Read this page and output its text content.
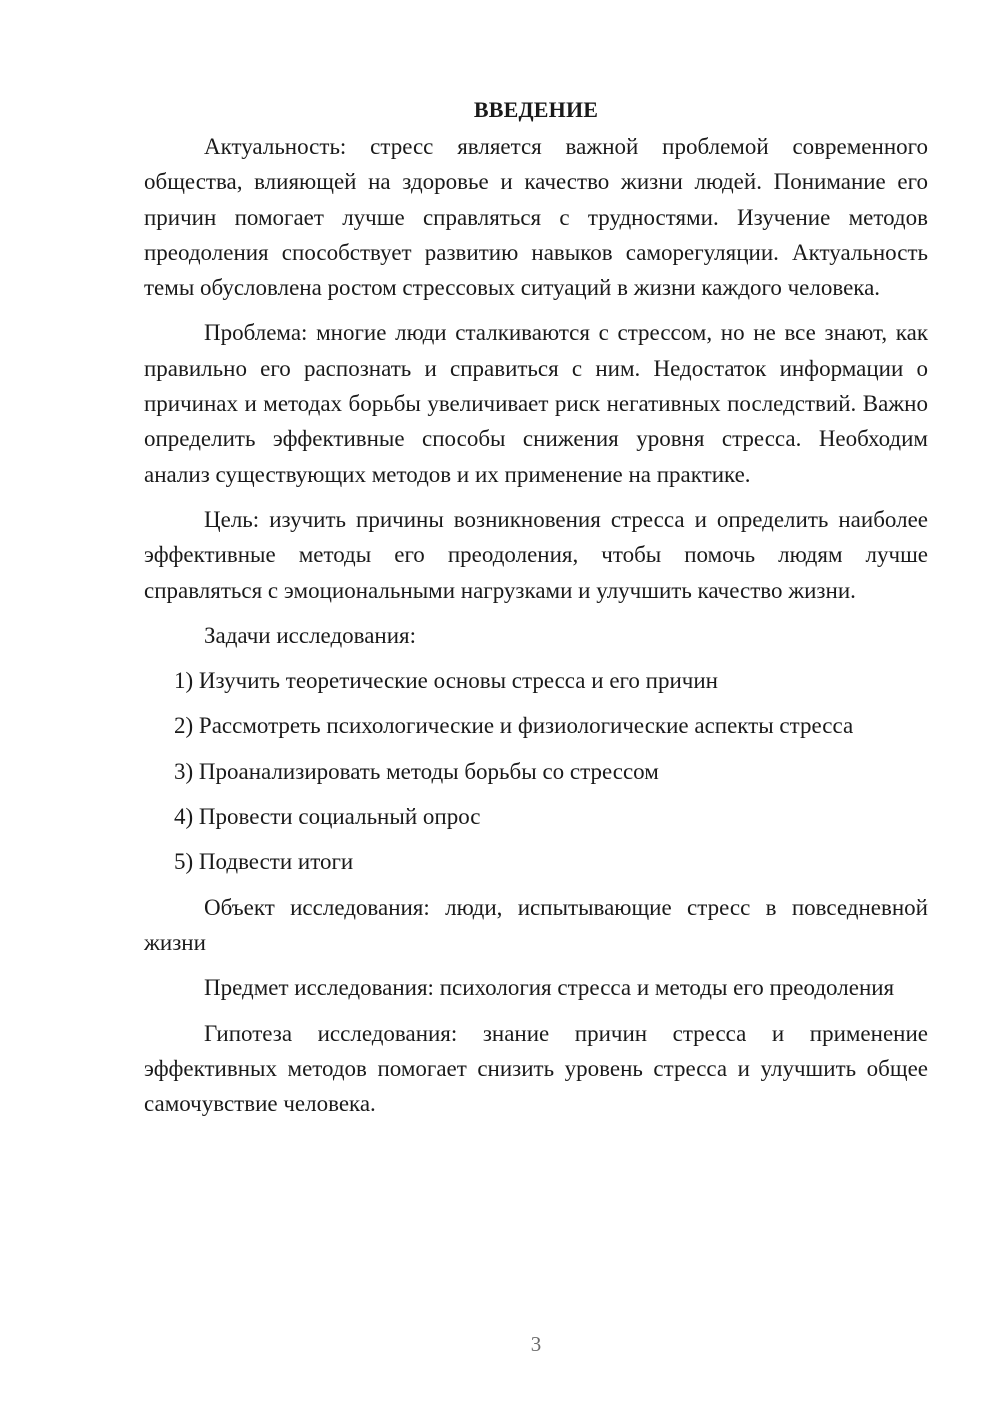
ВВЕДЕНИЕ

Актуальность: стресс является важной проблемой современного общества, влияющей на здоровье и качество жизни людей. Понимание его причин помогает лучше справляться с трудностями. Изучение методов преодоления способствует развитию навыков саморегуляции. Актуальность темы обусловлена ростом стрессовых ситуаций в жизни каждого человека.

Проблема: многие люди сталкиваются с стрессом, но не все знают, как правильно его распознать и справиться с ним. Недостаток информации о причинах и методах борьбы увеличивает риск негативных последствий. Важно определить эффективные способы снижения уровня стресса. Необходим анализ существующих методов и их применение на практике.

Цель: изучить причины возникновения стресса и определить наиболее эффективные методы его преодоления, чтобы помочь людям лучше справляться с эмоциональными нагрузками и улучшить качество жизни.

Задачи исследования:

1) Изучить теоретические основы стресса и его причин
2) Рассмотреть психологические и физиологические аспекты стресса
3) Проанализировать методы борьбы со стрессом
4) Провести социальный опрос
5) Подвести итоги

Объект исследования: люди, испытывающие стресс в повседневной жизни

Предмет исследования: психология стресса и методы его преодоления

Гипотеза исследования: знание причин стресса и применение эффективных методов помогает снизить уровень стресса и улучшить общее самочувствие человека.

3
